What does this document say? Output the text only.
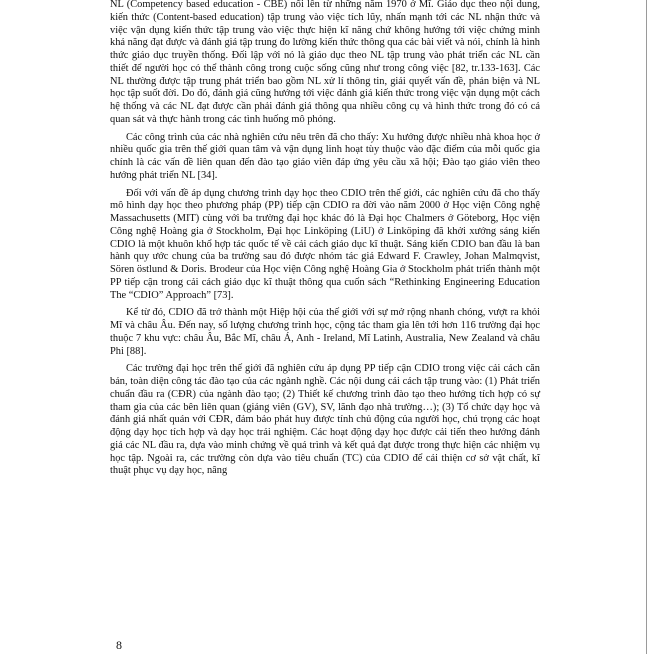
NL (Competency based education - CBE) nổi lên từ những năm 1970 ở Mĩ. Giáo dục theo nội dung, kiến thức (Content-based education) tập trung vào việc tích lũy, nhấn mạnh tới các NL nhận thức và việc vận dụng kiến thức tập trung vào việc thực hiện kĩ năng chứ không hướng tới việc chứng minh khả năng đạt được và đánh giá tập trung đo lường kiến thức thông qua các bài viết và nói, chính là hình thức giáo dục truyền thống. Đối lập với nó là giáo dục theo NL tập trung vào phát triển các NL cần thiết để người học có thể thành công trong cuộc sống cũng như trong công việc [82, tr.133-163]. Các NL thường được tập trung phát triển bao gồm NL xử lí thông tin, giải quyết vấn đề, phản biện và NL học tập suốt đời. Do đó, đánh giá cũng hướng tới việc đánh giá kiến thức trong việc vận dụng một cách hệ thống và các NL đạt được cần phải đánh giá thông qua nhiều công cụ và hình thức trong đó có cả quan sát và thực hành trong các tình huống mô phỏng.

Các công trình của các nhà nghiên cứu nêu trên đã cho thấy: Xu hướng được nhiều nhà khoa học ở nhiều quốc gia trên thế giới quan tâm và vận dụng linh hoạt tùy thuộc vào đặc điểm của mỗi quốc gia chính là các vấn đề liên quan đến đào tạo giáo viên đáp ứng yêu cầu xã hội; Đào tạo giáo viên theo hướng phát triển NL [34].

Đối với vấn đề áp dụng chương trình dạy học theo CDIO trên thế giới, các nghiên cứu đã cho thấy mô hình dạy học theo phương pháp (PP) tiếp cận CDIO ra đời vào năm 2000 ở Học viện Công nghệ Massachusetts (MIT) cùng với ba trường đại học khác đó là Đại học Chalmers ở Göteborg, Học viện Công nghệ Hoàng gia ở Stockholm, Đại học Linköping (LiU) ở Linköping đã khởi xướng sáng kiến CDIO là một khuôn khổ hợp tác quốc tế về cải cách giáo dục kĩ thuật. Sáng kiến CDIO ban đầu là ban hành quy ước chung của ba trường sau đó được nhóm tác giả Edward F. Crawley, Johan Malmqvist, Sören östlund & Doris. Brodeur của Học viện Công nghệ Hoàng Gia ở Stockholm phát triển thành một PP tiếp cận trong cải cách giáo dục kĩ thuật thông qua cuốn sách “Rethinking Engineering Education The “CDIO” Approach” [73].

Kể từ đó, CDIO đã trở thành một Hiệp hội của thế giới với sự mở rộng nhanh chóng, vượt ra khỏi Mĩ và châu Âu. Đến nay, số lượng chương trình học, cộng tác tham gia lên tới hơn 116 trường đại học thuộc 7 khu vực: châu Âu, Bắc Mĩ, châu Á, Anh - Ireland, Mĩ Latinh, Australia, New Zealand và châu Phi [88].

Các trường đại học trên thế giới đã nghiên cứu áp dụng PP tiếp cận CDIO trong việc cải cách căn bản, toàn diện công tác đào tạo của các ngành nghề. Các nội dung cải cách tập trung vào: (1) Phát triển chuẩn đầu ra (CĐR) của ngành đào tạo; (2) Thiết kế chương trình đào tạo theo hướng tích hợp có sự tham gia của các bên liên quan (giảng viên (GV), SV, lãnh đạo nhà trường…); (3) Tổ chức dạy học và đánh giá nhất quán với CĐR, đảm bảo phát huy được tính chủ động của người học, chú trọng các hoạt động dạy học tích hợp và dạy học trải nghiệm. Các hoạt động dạy học được cải tiến theo hướng đánh giá các NL đầu ra, dựa vào minh chứng về quá trình và kết quả đạt được trong thực hiện các nhiệm vụ học tập. Ngoài ra, các trường còn dựa vào tiêu chuẩn (TC) của CDIO để cải thiện cơ sở vật chất, kĩ thuật phục vụ dạy học, nâng

8
